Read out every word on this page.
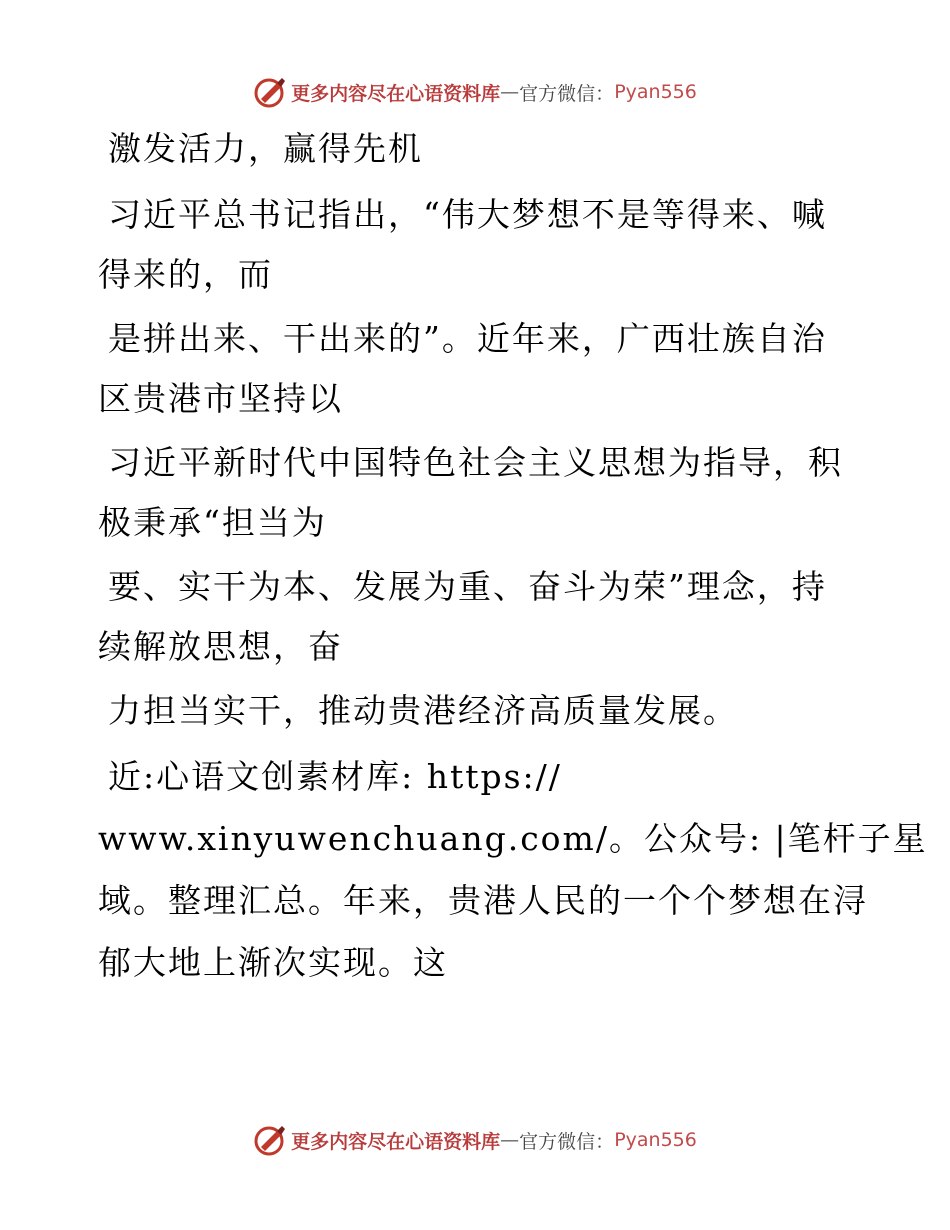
更多内容尽在心语资料库 — 官方微信： Pyan556
激发活力，赢得先机
习近平总书记指出，“伟大梦想不是等得来、喊
得来的，而
是拼出来、干出来的”。近年来，广西壮族自治
区贵港市坚持以
习近平新时代中国特色社会主义思想为指导，积
极秉承“担当为
要、实干为本、发展为重、奋斗为荣”理念，持
续解放思想，奋
力担当实干，推动贵港经济高质量发展。
近:心语文创素材库: https://
www.xinyuwenchuang.com/。公众号: |笔杆子星
域。整理汇总。年来，贵港人民的一个个梦想在浔
郁大地上渐次实现。这
更多内容尽在心语资料库 — 官方微信： Pyan556
